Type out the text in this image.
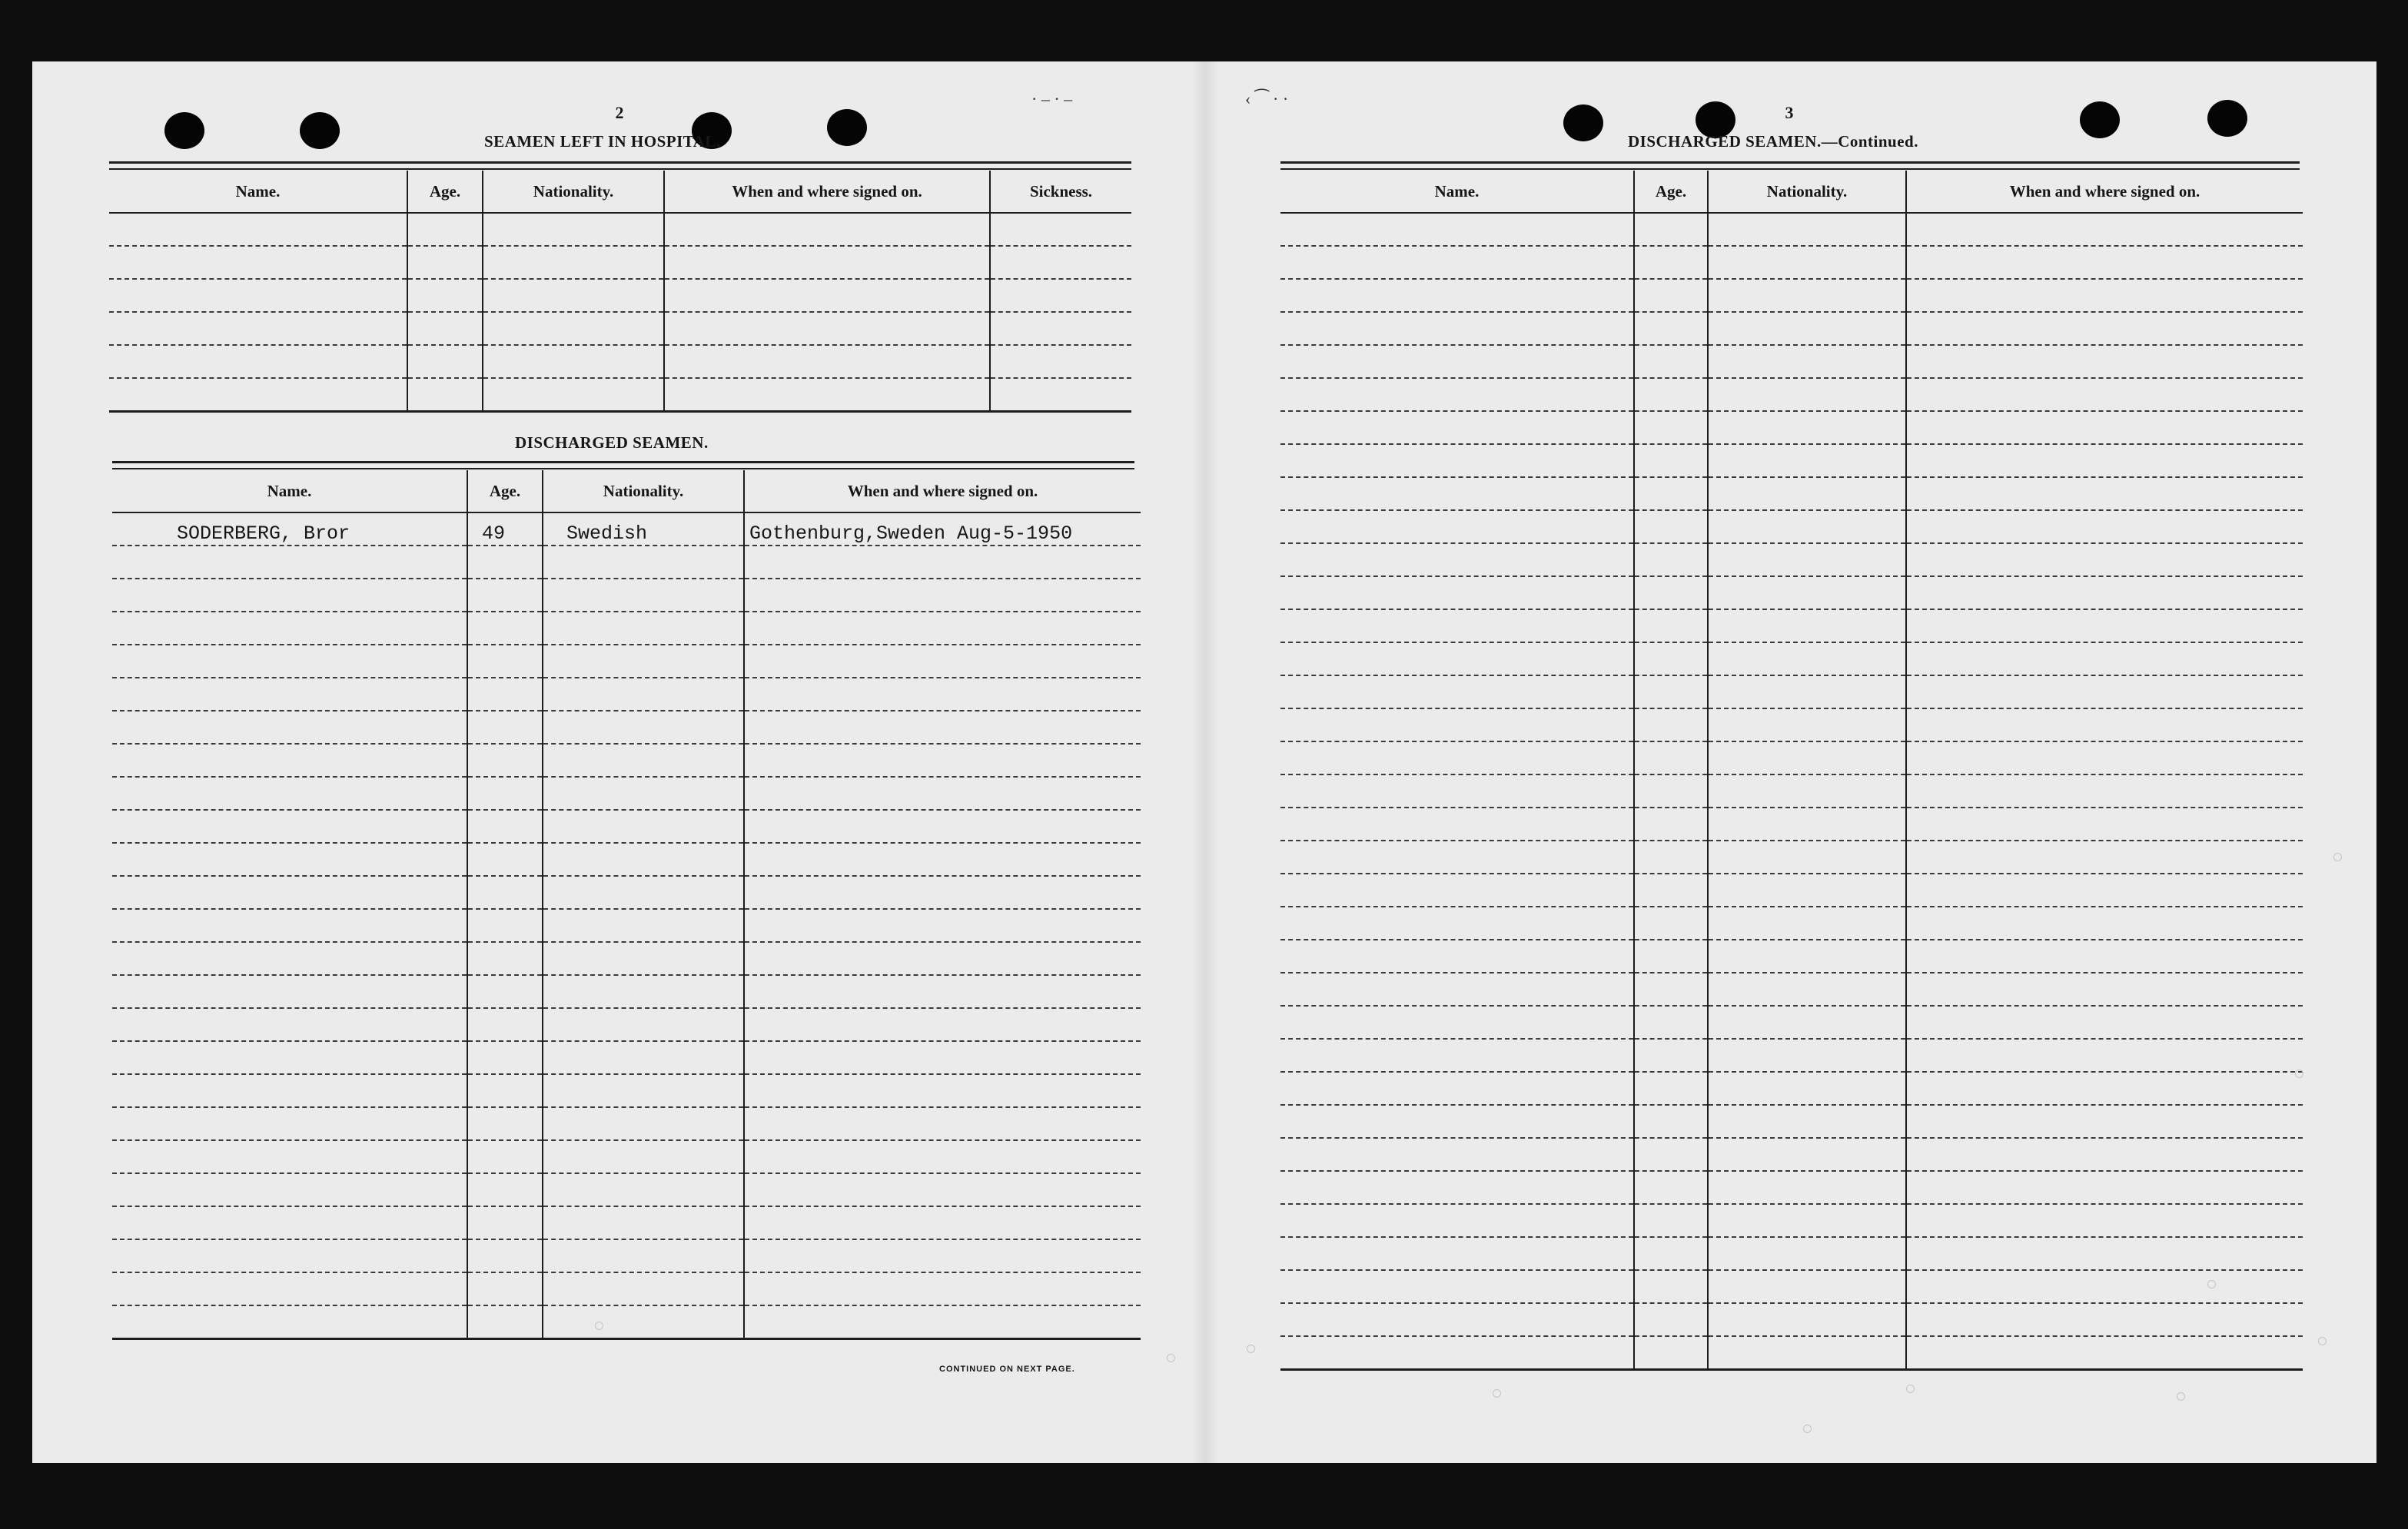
· ‒ · ‒	‹ ⁀ · ·
2
SEAMEN LEFT IN HOSPITAL.
Name.	Age.	Nationality.	When and where signed on.	Sickness.

DISCHARGED SEAMEN.
Name.	Age.	Nationality.	When and where signed on.
SODERBERG, Bror	49	Swedish	Gothenburg,Sweden Aug-5-1950

CONTINUED ON NEXT PAGE.
3
DISCHARGED SEAMEN.—Continued.
Name.	Age.	Nationality.	When and where signed on.
